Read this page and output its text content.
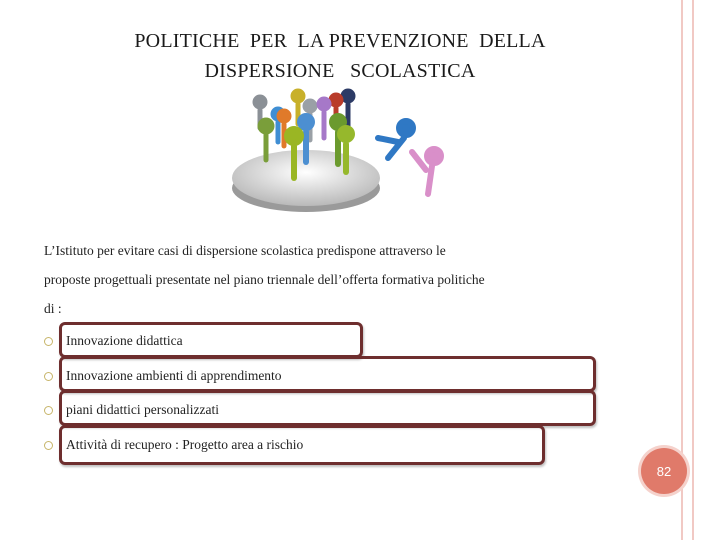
POLITICHE  PER  LA PREVENZIONE  DELLA
DISPERSIONE   SCOLASTICA
L’Istituto per evitare casi di dispersione scolastica predispone attraverso le
proposte progettuali presentate nel piano triennale dell’offerta formativa politiche
di :
Innovazione didattica
Innovazione ambienti di apprendimento
piani didattici personalizzati
Attività di recupero : Progetto area a rischio
82
